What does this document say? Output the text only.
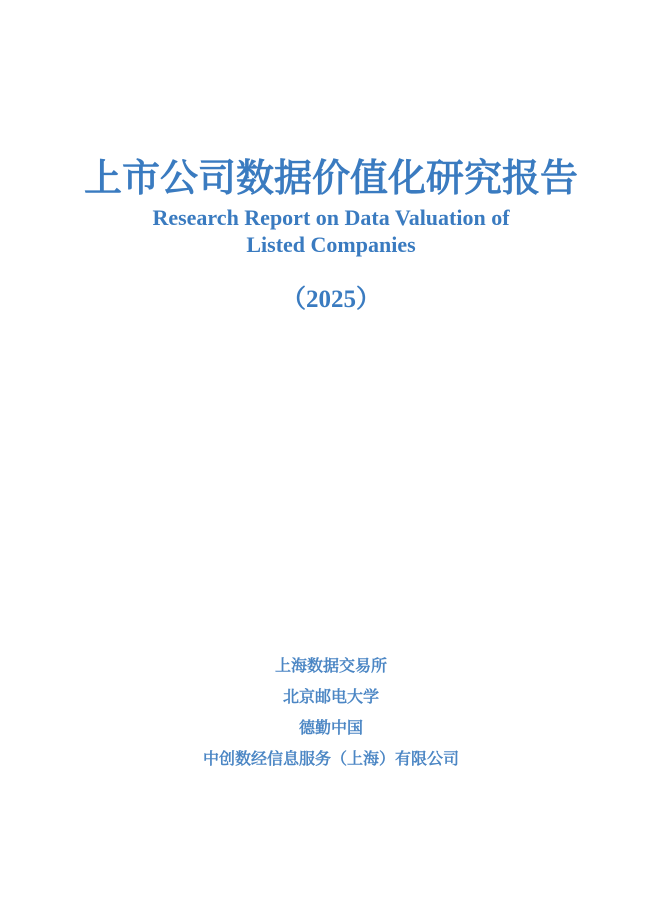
上市公司数据价值化研究报告
Research Report on Data Valuation of
Listed Companies
（2025）
上海数据交易所
北京邮电大学
德勤中国
中创数经信息服务（上海）有限公司
